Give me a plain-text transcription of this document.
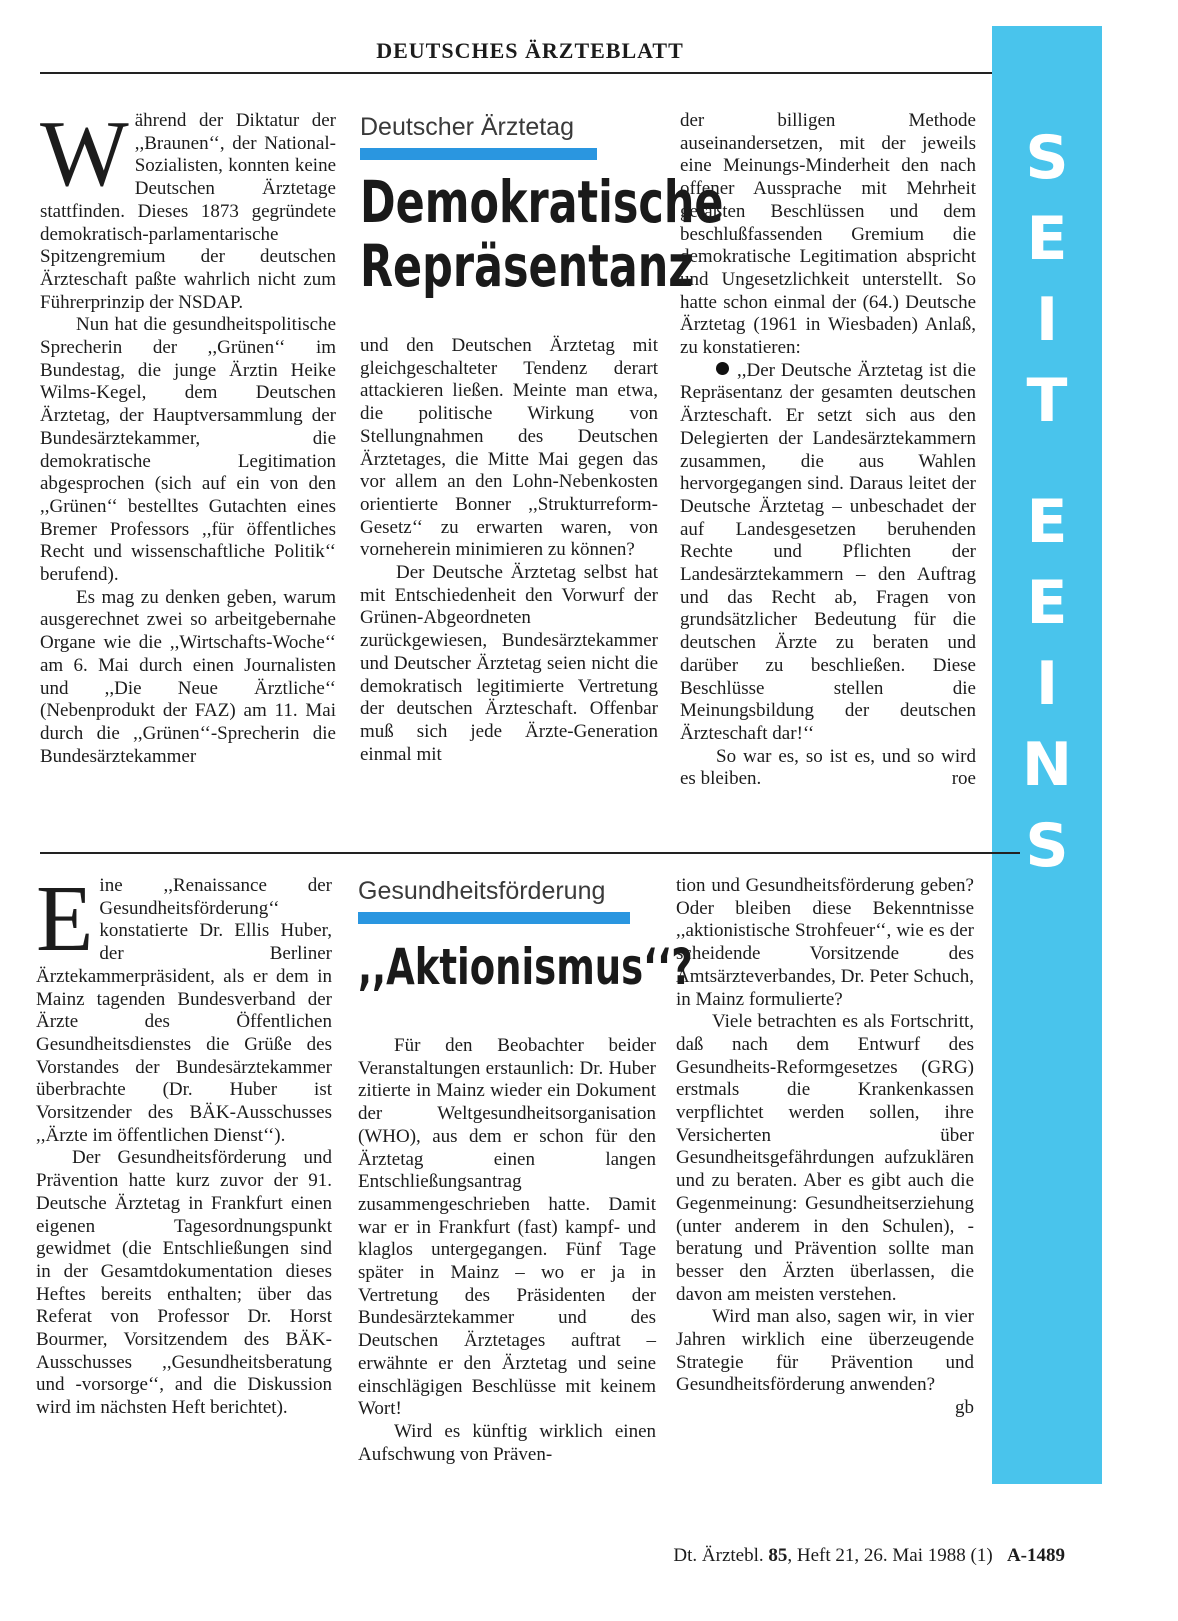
DEUTSCHES ÄRZTEBLATT
S
E
I
T
E
E
I
N
S

Während der Diktatur der ,,Braunen‘‘, der National-Sozialisten, konnten keine Deutschen Ärztetage stattfinden. Dieses 1873 gegründete demokratisch-parlamentarische Spitzengremium der deutschen Ärzteschaft paßte wahrlich nicht zum Führerprinzip der NSDAP.

Nun hat die gesundheitspolitische Sprecherin der ,,Grünen‘‘ im Bundestag, die junge Ärztin Heike Wilms-Kegel, dem Deutschen Ärztetag, der Hauptversammlung der Bundesärztekammer, die demokratische Legitimation abgesprochen (sich auf ein von den ,,Grünen‘‘ bestelltes Gutachten eines Bremer Professors ,,für öffentliches Recht und wissenschaftliche Politik‘‘ berufend).

Es mag zu denken geben, warum ausgerechnet zwei so arbeitgebernahe Organe wie die ,,Wirtschafts-Woche‘‘ am 6. Mai durch einen Journalisten und ,,Die Neue Ärztliche‘‘ (Nebenprodukt der FAZ) am 11. Mai durch die ,,Grünen‘‘-Sprecherin die Bundesärztekammer

Deutscher Ärztetag
Demokratische
Repräsentanz

und den Deutschen Ärztetag mit gleichgeschalteter Tendenz derart attackieren ließen. Meinte man etwa, die politische Wirkung von Stellungnahmen des Deutschen Ärztetages, die Mitte Mai gegen das vor allem an den Lohn-Nebenkosten orientierte Bonner ,,Strukturreform-Gesetz‘‘ zu erwarten waren, von vorneherein minimieren zu können?

Der Deutsche Ärztetag selbst hat mit Entschiedenheit den Vorwurf der Grünen-Abgeordneten zurückgewiesen, Bundesärztekammer und Deutscher Ärztetag seien nicht die demokratisch legitimierte Vertretung der deutschen Ärzteschaft. Offenbar muß sich jede Ärzte-Generation einmal mit

der billigen Methode auseinandersetzen, mit der jeweils eine Meinungs-Minderheit den nach offener Aussprache mit Mehrheit gefaßten Beschlüssen und dem beschlußfassenden Gremium die demokratische Legitimation abspricht und Ungesetzlichkeit unterstellt. So hatte schon einmal der (64.) Deutsche Ärztetag (1961 in Wiesbaden) Anlaß, zu konstatieren:

,,Der Deutsche Ärztetag ist die Repräsentanz der gesamten deutschen Ärzteschaft. Er setzt sich aus den Delegierten der Landesärztekammern zusammen, die aus Wahlen hervorgegangen sind. Daraus leitet der Deutsche Ärztetag – unbeschadet der auf Landesgesetzen beruhenden Rechte und Pflichten der Landesärztekammern – den Auftrag und das Recht ab, Fragen von grundsätzlicher Bedeutung für die deutschen Ärzte zu beraten und darüber zu beschließen. Diese Beschlüsse stellen die Meinungsbildung der deutschen Ärzteschaft dar!‘‘

So war es, so ist es, und so wird es bleiben.	roe

Eine ,,Renaissance der Gesundheitsförderung‘‘ konstatierte Dr. Ellis Huber, der Berliner Ärztekammerpräsident, als er dem in Mainz tagenden Bundesverband der Ärzte des Öffentlichen Gesundheitsdienstes die Grüße des Vorstandes der Bundesärztekammer überbrachte (Dr. Huber ist Vorsitzender des BÄK-Ausschusses ,,Ärzte im öffentlichen Dienst‘‘).

Der Gesundheitsförderung und Prävention hatte kurz zuvor der 91. Deutsche Ärztetag in Frankfurt einen eigenen Tagesordnungspunkt gewidmet (die Entschließungen sind in der Gesamtdokumentation dieses Heftes bereits enthalten; über das Referat von Professor Dr. Horst Bourmer, Vorsitzendem des BÄK-Ausschusses ,,Gesundheitsberatung und -vorsorge‘‘, and die Diskussion wird im nächsten Heft berichtet).

Gesundheitsförderung
,,Aktionismus‘‘?

Für den Beobachter beider Veranstaltungen erstaunlich: Dr. Huber zitierte in Mainz wieder ein Dokument der Weltgesundheitsorganisation (WHO), aus dem er schon für den Ärztetag einen langen Entschließungsantrag zusammengeschrieben hatte. Damit war er in Frankfurt (fast) kampf- und klaglos untergegangen. Fünf Tage später in Mainz – wo er ja in Vertretung des Präsidenten der Bundesärztekammer und des Deutschen Ärztetages auftrat – erwähnte er den Ärztetag und seine einschlägigen Beschlüsse mit keinem Wort!

Wird es künftig wirklich einen Aufschwung von Präven-

tion und Gesundheitsförderung geben? Oder bleiben diese Bekenntnisse ,,aktionistische Strohfeuer‘‘, wie es der scheidende Vorsitzende des Amtsärzteverbandes, Dr. Peter Schuch, in Mainz formulierte?

Viele betrachten es als Fortschritt, daß nach dem Entwurf des Gesundheits-Reformgesetzes (GRG) erstmals die Krankenkassen verpflichtet werden sollen, ihre Versicherten über Gesundheitsgefährdungen aufzuklären und zu beraten. Aber es gibt auch die Gegenmeinung: Gesundheitserziehung (unter anderem in den Schulen), -beratung und Prävention sollte man besser den Ärzten überlassen, die davon am meisten verstehen.

Wird man also, sagen wir, in vier Jahren wirklich eine überzeugende Strategie für Prävention und Gesundheitsförderung anwenden?
gb

Dt. Ärztebl. 85, Heft 21, 26. Mai 1988 (1) A-1489
